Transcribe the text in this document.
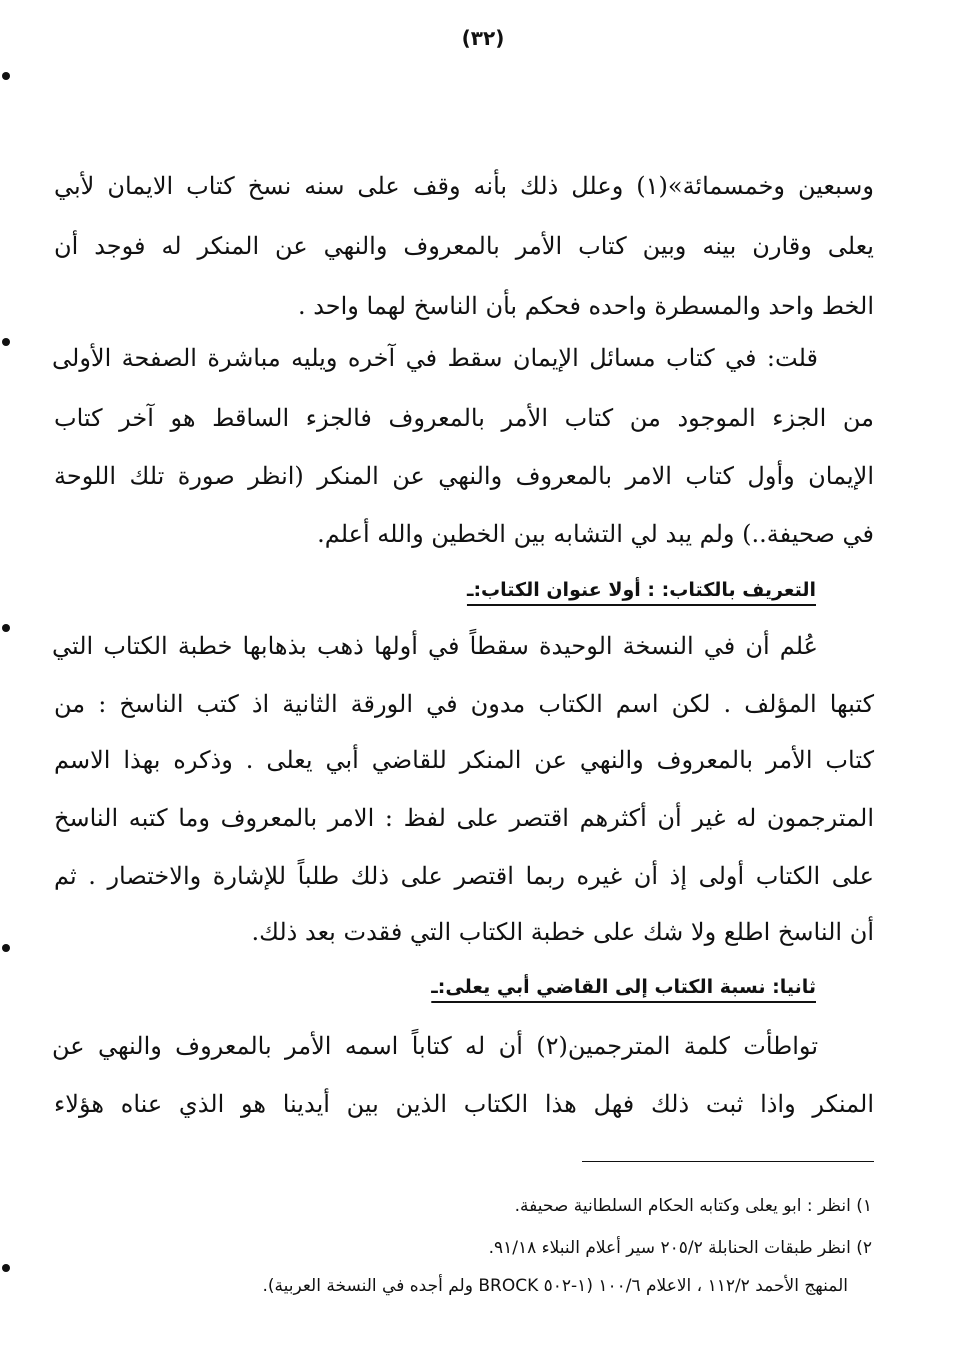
(٣٢)
وسبعين وخمسمائة»(١) وعلل ذلك بأنه وقف على سنه نسخ كتاب الايمان لأبي
يعلى وقارن بينه وبين كتاب الأمر بالمعروف والنهي عن المنكر له فوجد أن
الخط واحد والمسطرة واحده فحكم بأن الناسخ لهما واحد .
قلت: في كتاب مسائل الإيمان سقط في آخره ويليه مباشرة الصفحة الأولى
من الجزء الموجود من كتاب الأمر بالمعروف فالجزء الساقط هو آخر كتاب
الإيمان وأول كتاب الامر بالمعروف والنهي عن المنكر (انظر صورة تلك اللوحة
في صحيفة..) ولم يبد لي التشابه بين الخطين والله أعلم.
التعريف بالكتاب: : أولا عنوان الكتاب:ـ
عُلم أن في النسخة الوحيدة سقطاً في أولها ذهب بذهابها خطبة الكتاب التي
كتبها المؤلف . لكن اسم الكتاب مدون في الورقة الثانية اذ كتب الناسخ : من
كتاب الأمر بالمعروف والنهي عن المنكر للقاضي أبي يعلى . وذكره بهذا الاسم
المترجمون له غير أن أكثرهم اقتصر على لفظ : الامر بالمعروف وما كتبه الناسخ
على الكتاب أولى إذ أن غيره ربما اقتصر على ذلك طلباً للإشارة والاختصار . ثم
أن الناسخ اطلع ولا شك على خطبة الكتاب التي فقدت بعد ذلك.
ثانيا: نسبة الكتاب إلى القاضي أبي يعلى:ـ
تواطأت كلمة المترجمين(٢) أن له كتاباً اسمه الأمر بالمعروف والنهي عن
المنكر واذا ثبت ذلك فهل هذا الكتاب الذين بين أيدينا هو الذي عناه هؤلاء
١) انظر : ابو يعلى وكتابه الحكام السلطانية صحيفة.
٢) انظر طبقات الحنابلة ٢٠٥/٢ سير أعلام النبلاء ٩١/١٨.
المنهج الأحمد ١١٢/٢ ، الاعلام ١٠٠/٦ (١-٥٠٢ BROCK ولم أجده في النسخة العربية).
